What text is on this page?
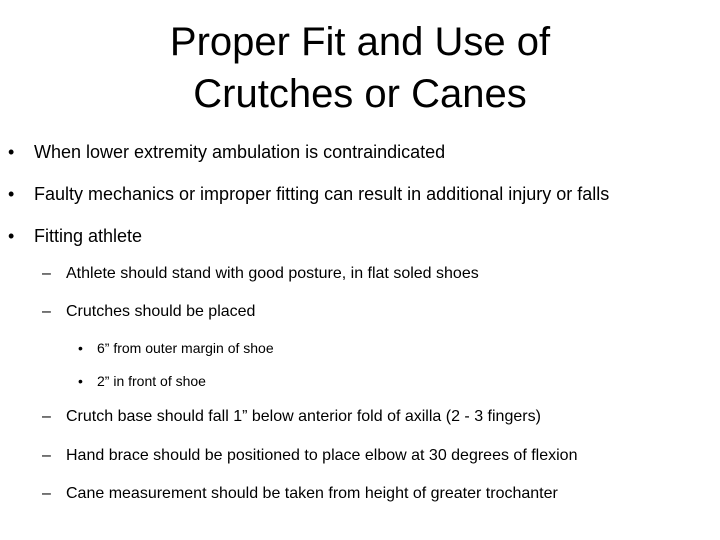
Proper Fit and Use of
Crutches or Canes
• When lower extremity ambulation is contraindicated
• Faulty mechanics or improper fitting can result in additional injury or falls
• Fitting athlete
– Athlete should stand with good posture, in flat soled shoes
– Crutches should be placed
• 6” from outer margin of shoe
• 2” in front of shoe
– Crutch base should fall 1” below anterior fold of axilla (2 - 3 fingers)
– Hand brace should be positioned to place elbow at 30 degrees of flexion
– Cane measurement should be taken from height of greater trochanter
